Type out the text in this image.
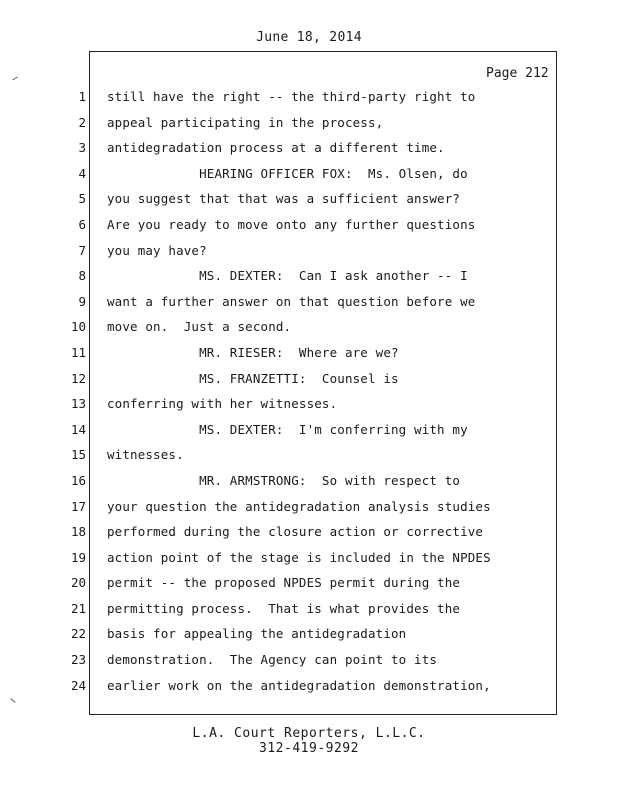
June 18, 2014
Page 212
1
2
3
4
5
6
7
8
9
10
11
12
13
14
15
16
17
18
19
20
21
22
23
24
still have the right -- the third-party right to
appeal participating in the process,
antidegradation process at a different time.
HEARING OFFICER FOX:  Ms. Olsen, do
you suggest that that was a sufficient answer?
Are you ready to move onto any further questions
you may have?
MS. DEXTER:  Can I ask another -- I
want a further answer on that question before we
move on.  Just a second.
MR. RIESER:  Where are we?
MS. FRANZETTI:  Counsel is
conferring with her witnesses.
MS. DEXTER:  I'm conferring with my
witnesses.
MR. ARMSTRONG:  So with respect to
your question the antidegradation analysis studies
performed during the closure action or corrective
action point of the stage is included in the NPDES
permit -- the proposed NPDES permit during the
permitting process.  That is what provides the
basis for appealing the antidegradation
demonstration.  The Agency can point to its
earlier work on the antidegradation demonstration,
L.A. Court Reporters, L.L.C.
312-419-9292
